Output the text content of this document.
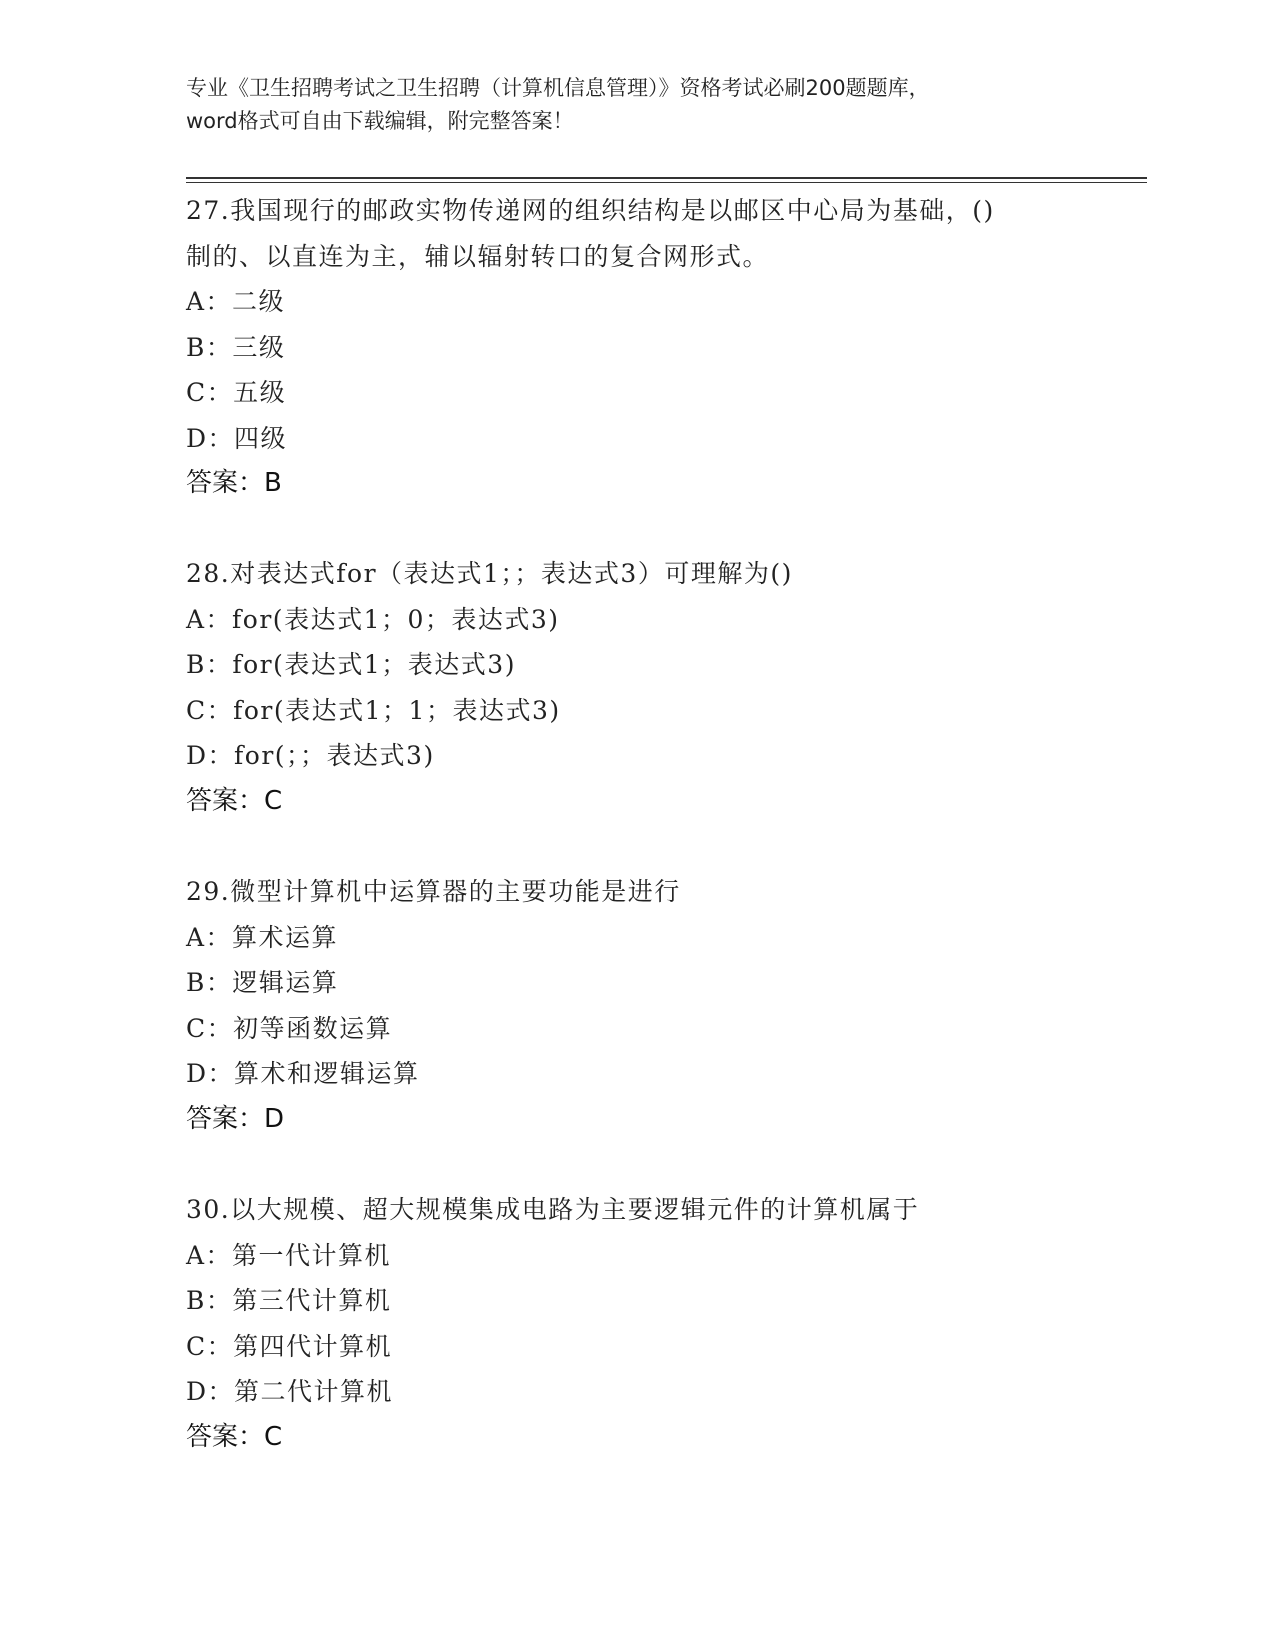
专业《卫生招聘考试之卫生招聘（计算机信息管理）》资格考试必刷200题题库，
word格式可自由下载编辑，附完整答案！
27.我国现行的邮政实物传递网的组织结构是以邮区中心局为基础，()
制的、以直连为主，辅以辐射转口的复合网形式。
A：二级
B：三级
C：五级
D：四级
答案：B
28.对表达式for（表达式1；；表达式3）可理解为()
A：for(表达式1；0；表达式3)
B：for(表达式1；表达式3)
C：for(表达式1；1；表达式3)
D：for(；；表达式3)
答案：C
29.微型计算机中运算器的主要功能是进行
A：算术运算
B：逻辑运算
C：初等函数运算
D：算术和逻辑运算
答案：D
30.以大规模、超大规模集成电路为主要逻辑元件的计算机属于
A：第一代计算机
B：第三代计算机
C：第四代计算机
D：第二代计算机
答案：C
